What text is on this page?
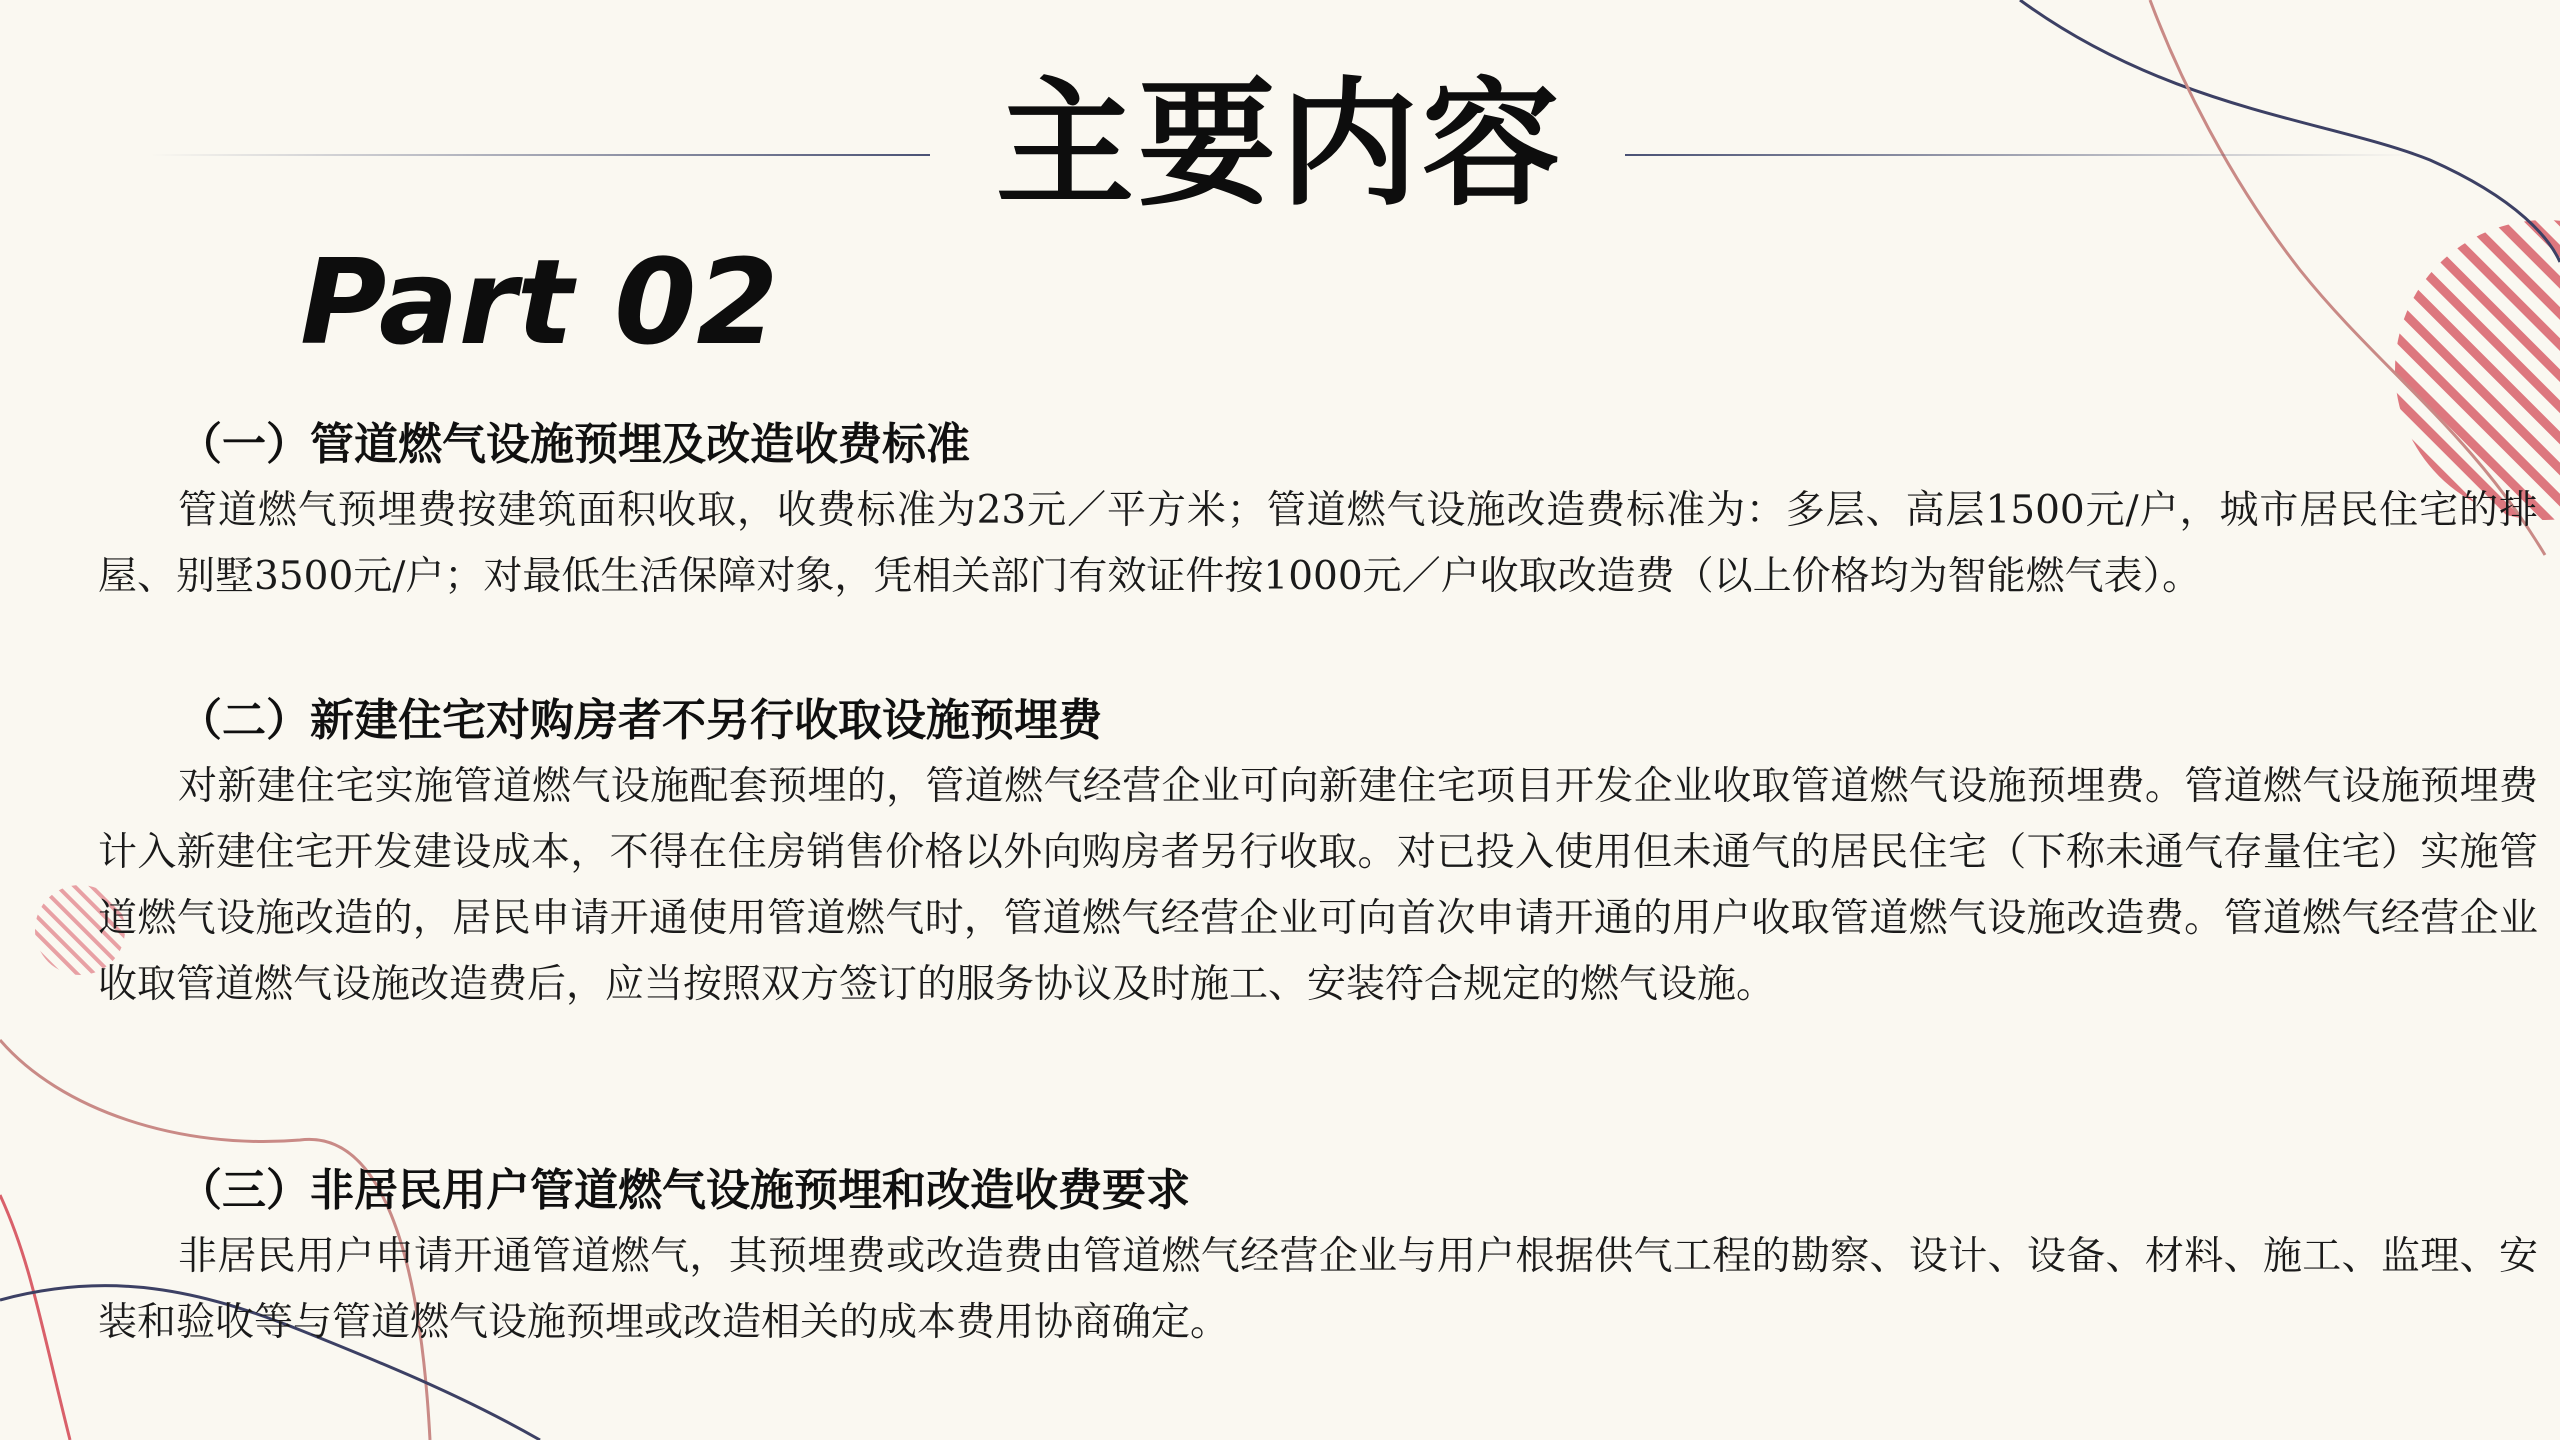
主要内容
Part 02

（一）管道燃气设施预埋及改造收费标准

管道燃气预埋费按建筑面积收取，收费标准为23元／平方米；管道燃气设施改造费标准为：多层、高层1500元/户，城市居民住宅的排屋、别墅3500元/户；对最低生活保障对象，凭相关部门有效证件按1000元／户收取改造费（以上价格均为智能燃气表）。

（二）新建住宅对购房者不另行收取设施预埋费

对新建住宅实施管道燃气设施配套预埋的，管道燃气经营企业可向新建住宅项目开发企业收取管道燃气设施预埋费。管道燃气设施预埋费计入新建住宅开发建设成本，不得在住房销售价格以外向购房者另行收取。对已投入使用但未通气的居民住宅（下称未通气存量住宅）实施管道燃气设施改造的，居民申请开通使用管道燃气时，管道燃气经营企业可向首次申请开通的用户收取管道燃气设施改造费。管道燃气经营企业收取管道燃气设施改造费后，应当按照双方签订的服务协议及时施工、安装符合规定的燃气设施。

（三）非居民用户管道燃气设施预埋和改造收费要求

非居民用户申请开通管道燃气，其预埋费或改造费由管道燃气经营企业与用户根据供气工程的勘察、设计、设备、材料、施工、监理、安装和验收等与管道燃气设施预埋或改造相关的成本费用协商确定。
